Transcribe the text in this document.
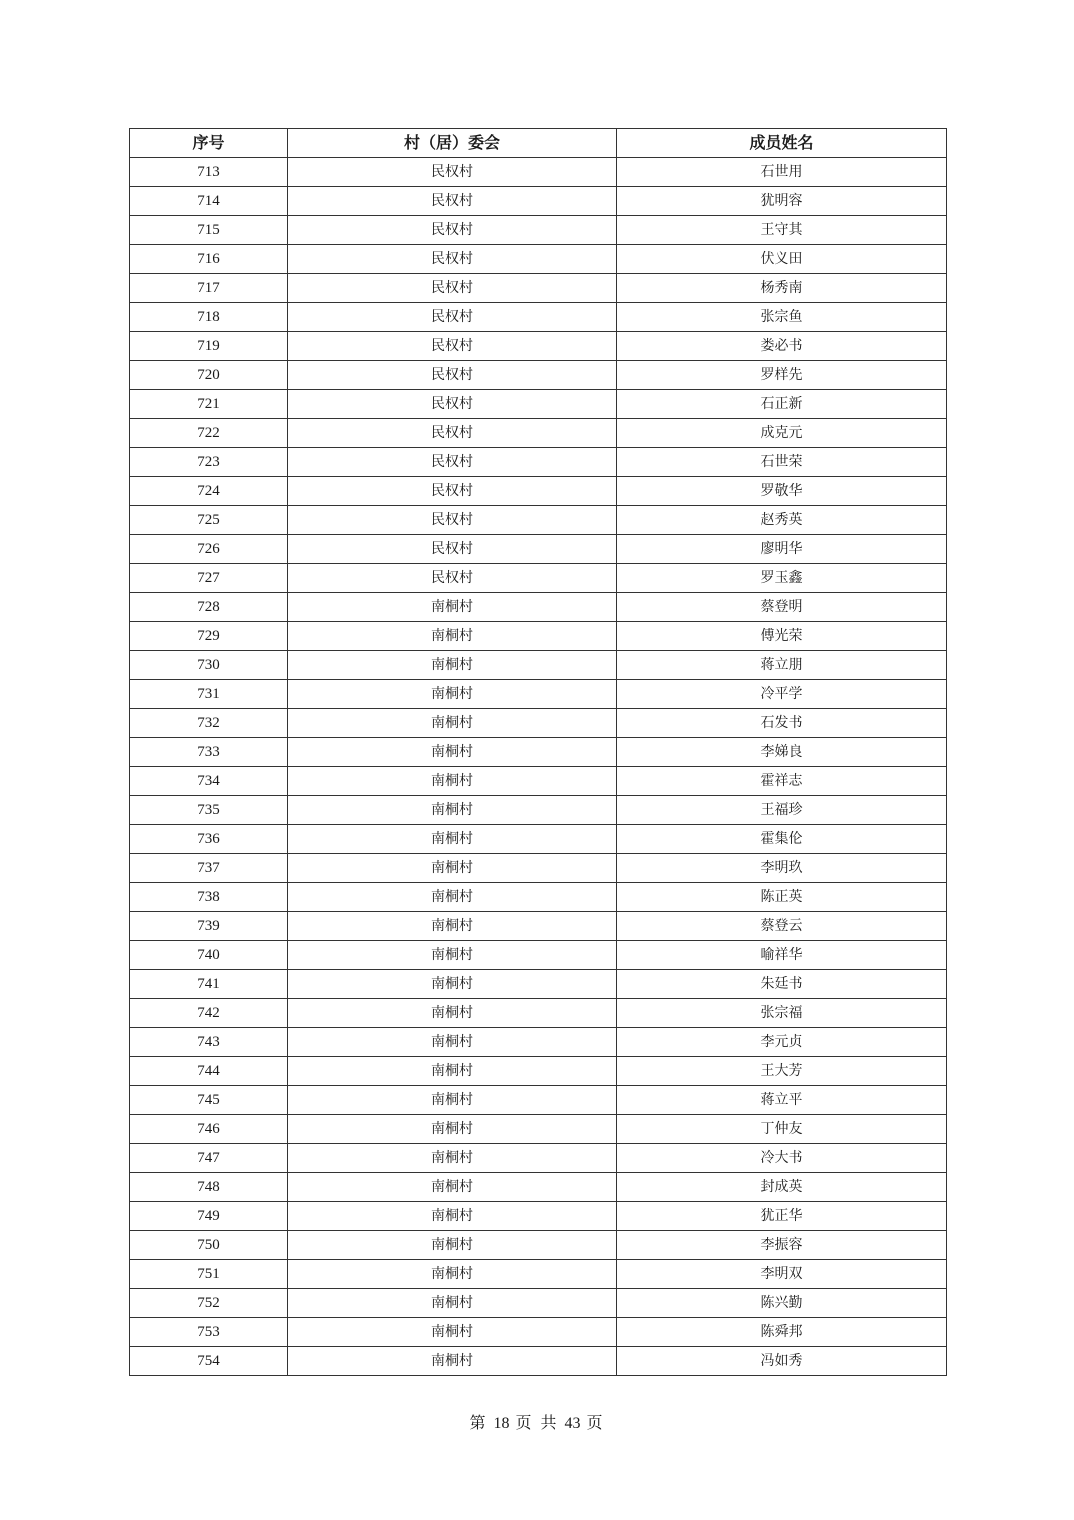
序号	村（居）委会	成员姓名
713	民权村	石世用
714	民权村	犹明容
715	民权村	王守其
716	民权村	伏义田
717	民权村	杨秀南
718	民权村	张宗鱼
719	民权村	娄必书
720	民权村	罗样先
721	民权村	石正新
722	民权村	成克元
723	民权村	石世荣
724	民权村	罗敬华
725	民权村	赵秀英
726	民权村	廖明华
727	民权村	罗玉鑫
728	南桐村	蔡登明
729	南桐村	傅光荣
730	南桐村	蒋立朋
731	南桐村	冷平学
732	南桐村	石发书
733	南桐村	李娣良
734	南桐村	霍祥志
735	南桐村	王福珍
736	南桐村	霍集伦
737	南桐村	李明玖
738	南桐村	陈正英
739	南桐村	蔡登云
740	南桐村	喻祥华
741	南桐村	朱廷书
742	南桐村	张宗福
743	南桐村	李元贞
744	南桐村	王大芳
745	南桐村	蒋立平
746	南桐村	丁仲友
747	南桐村	冷大书
748	南桐村	封成英
749	南桐村	犹正华
750	南桐村	李振容
751	南桐村	李明双
752	南桐村	陈兴勤
753	南桐村	陈舜邦
754	南桐村	冯如秀
第 18 页 共 43 页
